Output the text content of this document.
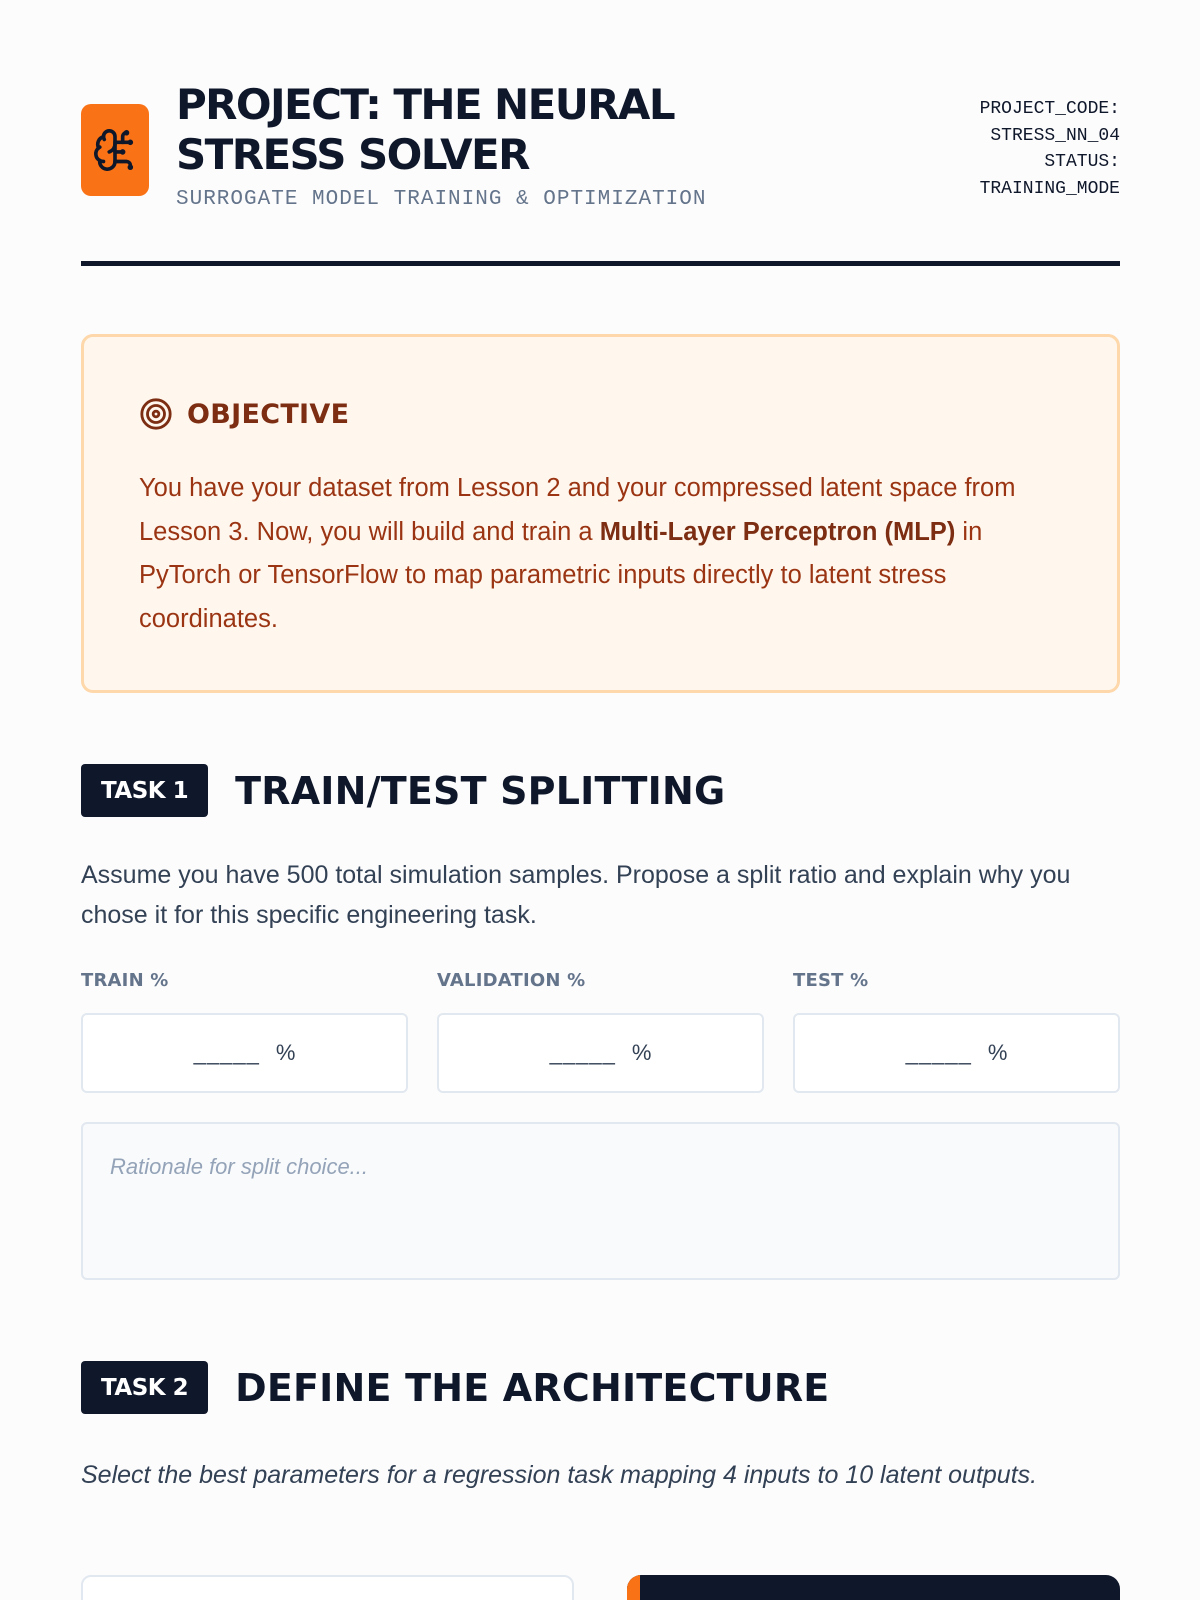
PROJECT: THE NEURAL STRESS SOLVER
SURROGATE MODEL TRAINING & OPTIMIZATION
PROJECT_CODE:
STRESS_NN_04
STATUS:
TRAINING_MODE
OBJECTIVE

You have your dataset from Lesson 2 and your compressed latent space from Lesson 3. Now, you will build and train a Multi-Layer Perceptron (MLP) in PyTorch or TensorFlow to map parametric inputs directly to latent stress coordinates.

TASK 1	TRAIN/TEST SPLITTING

Assume you have 500 total simulation samples. Propose a split ratio and explain why you chose it for this specific engineering task.

TRAIN %
_____ %
VALIDATION %
_____ %
TEST %
_____ %
Rationale for split choice...
TASK 2	DEFINE THE ARCHITECTURE

Select the best parameters for a regression task mapping 4 inputs to 10 latent outputs.
